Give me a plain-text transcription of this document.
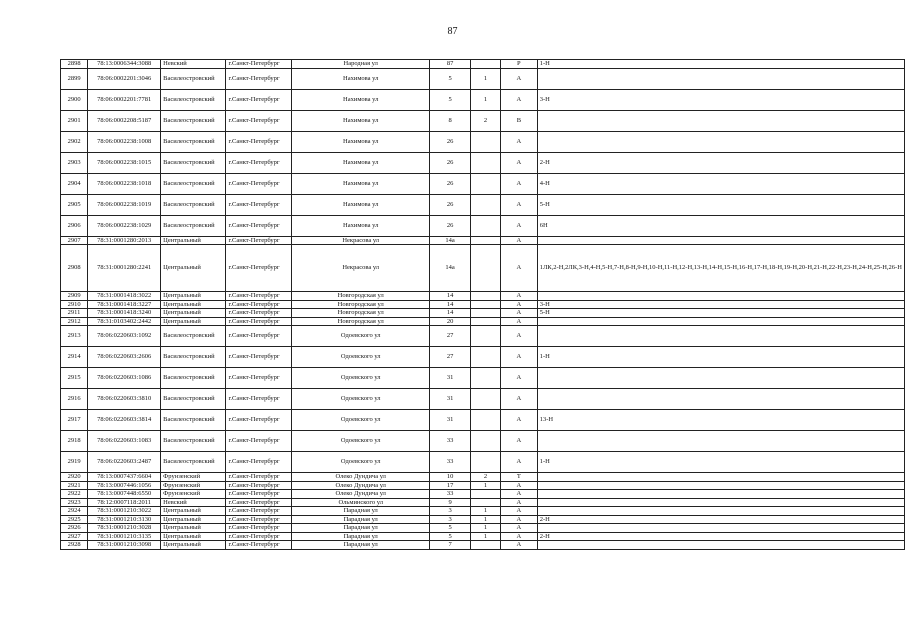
87
2898	78:13:0006344:3088	Невский	г.Санкт-Петербург	Народная ул	87		Р	1-Н
2899	78:06:0002201:3046	Василеостровский	г.Санкт-Петербург	Нахимова ул	5	1	А	
2900	78:06:0002201:7781	Василеостровский	г.Санкт-Петербург	Нахимова ул	5	1	А	3-Н
2901	78:06:0002208:5187	Василеостровский	г.Санкт-Петербург	Нахимова ул	8	2	В	
2902	78:06:0002238:1008	Василеостровский	г.Санкт-Петербург	Нахимова ул	26		А	
2903	78:06:0002238:1015	Василеостровский	г.Санкт-Петербург	Нахимова ул	26		А	2-Н
2904	78:06:0002238:1018	Василеостровский	г.Санкт-Петербург	Нахимова ул	26		А	4-Н
2905	78:06:0002238:1019	Василеостровский	г.Санкт-Петербург	Нахимова ул	26		А	5-Н
2906	78:06:0002238:1029	Василеостровский	г.Санкт-Петербург	Нахимова ул	26		А	6Н
2907	78:31:0001280:2013	Центральный	г.Санкт-Петербург	Некрасова ул	14а		А	
2908	78:31:0001280:2241	Центральный	г.Санкт-Петербург	Некрасова ул	14а		А	1ЛК,2-Н,2ЛК,3-Н,4-Н,5-Н,7-Н,8-Н,9-Н,10-Н,11-Н,12-Н,13-Н,14-Н,15-Н,16-Н,17-Н,18-Н,19-Н,20-Н,21-Н,22-Н,23-Н,24-Н,25-Н,26-Н
2909	78:31:0001418:3022	Центральный	г.Санкт-Петербург	Новгородская ул	14		А	
2910	78:31:0001418:3227	Центральный	г.Санкт-Петербург	Новгородская ул	14		А	3-Н
2911	78:31:0001418:3240	Центральный	г.Санкт-Петербург	Новгородская ул	14		А	5-Н
2912	78:31:0103402:2442	Центральный	г.Санкт-Петербург	Новгородская ул	20		А	
2913	78:06:0220603:1092	Василеостровский	г.Санкт-Петербург	Одоевского ул	27		А	
2914	78:06:0220603:2606	Василеостровский	г.Санкт-Петербург	Одоевского ул	27		А	1-Н
2915	78:06:0220603:1086	Василеостровский	г.Санкт-Петербург	Одоевского ул	31		А	
2916	78:06:0220603:3810	Василеостровский	г.Санкт-Петербург	Одоевского ул	31		А	
2917	78:06:0220603:3814	Василеостровский	г.Санкт-Петербург	Одоевского ул	31		А	13-Н
2918	78:06:0220603:1083	Василеостровский	г.Санкт-Петербург	Одоевского ул	33		А	
2919	78:06:0220603:2487	Василеостровский	г.Санкт-Петербург	Одоевского ул	33		А	1-Н
2920	78:13:0007437:6604	Фрунзенский	г.Санкт-Петербург	Олеко Дундича ул	10	2	Т	
2921	78:13:0007446:1056	Фрунзенский	г.Санкт-Петербург	Олеко Дундича ул	17	1	А	
2922	78:13:0007448:6550	Фрунзенский	г.Санкт-Петербург	Олеко Дундича ул	33		А	
2923	78:12:0007118:2011	Невский	г.Санкт-Петербург	Ольминского ул	9		А	
2924	78:31:0001210:3022	Центральный	г.Санкт-Петербург	Парадная ул	3	1	А	
2925	78:31:0001210:3130	Центральный	г.Санкт-Петербург	Парадная ул	3	1	А	2-Н
2926	78:31:0001210:3028	Центральный	г.Санкт-Петербург	Парадная ул	5	1	А	
2927	78:31:0001210:3135	Центральный	г.Санкт-Петербург	Парадная ул	5	1	А	2-Н
2928	78:31:0001210:3098	Центральный	г.Санкт-Петербург	Парадная ул	7		А	
